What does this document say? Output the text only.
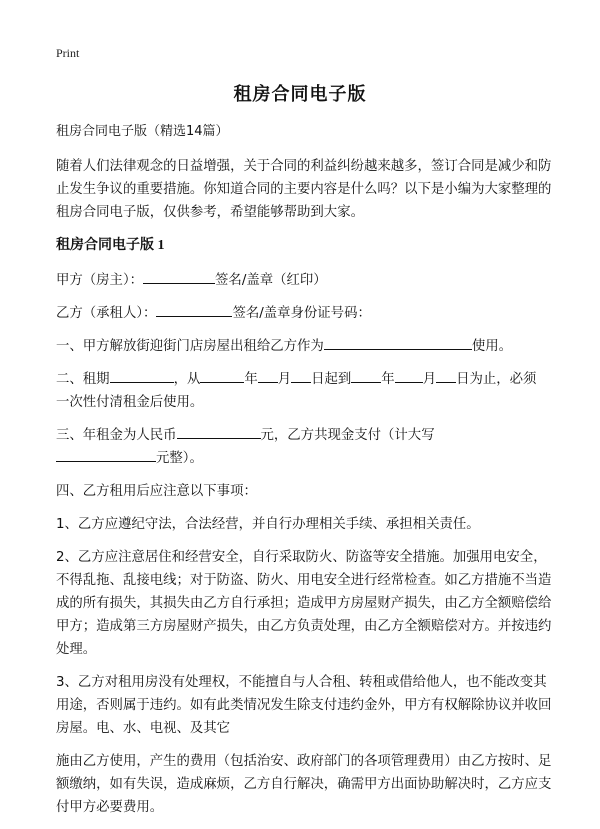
Print
租房合同电子版

租房合同电子版（精选14篇）

随着人们法律观念的日益增强，关于合同的利益纠纷越来越多，签订合同是减少和防止发生争议的重要措施。你知道合同的主要内容是什么吗？以下是小编为大家整理的租房合同电子版，仅供参考，希望能够帮助到大家。

租房合同电子版 1

甲方（房主）：	签名/盖章（红印）

乙方（承租人）：	签名/盖章身份证号码：

一、甲方解放街迎街门店房屋出租给乙方作为	使用。

二、租期	，从	年 月 日起到 年 月 日为止，必须
一次性付清租金后使用。

三、年租金为人民币	元，乙方共现金支付（计大写
元整）。

四、乙方租用后应注意以下事项：

1、乙方应遵纪守法，合法经营，并自行办理相关手续、承担相关责任。

2、乙方应注意居住和经营安全，自行采取防火、防盗等安全措施。加强用电安全，不得乱拖、乱接电线；对于防盗、防火、用电安全进行经常检查。如乙方措施不当造成的所有损失，其损失由乙方自行承担；造成甲方房屋财产损失，由乙方全额赔偿给甲方；造成第三方房屋财产损失，由乙方负责处理，由乙方全额赔偿对方。并按违约处理。

3、乙方对租用房没有处理权，不能擅自与人合租、转租或借给他人，也不能改变其用途，否则属于违约。如有此类情况发生除支付违约金外，甲方有权解除协议并收回房屋。电、水、电视、及其它

施由乙方使用，产生的费用（包括治安、政府部门的各项管理费用）由乙方按时、足额缴纳，如有失误，造成麻烦，乙方自行解决，确需甲方出面协助解决时，乙方应支付甲方必要费用。
